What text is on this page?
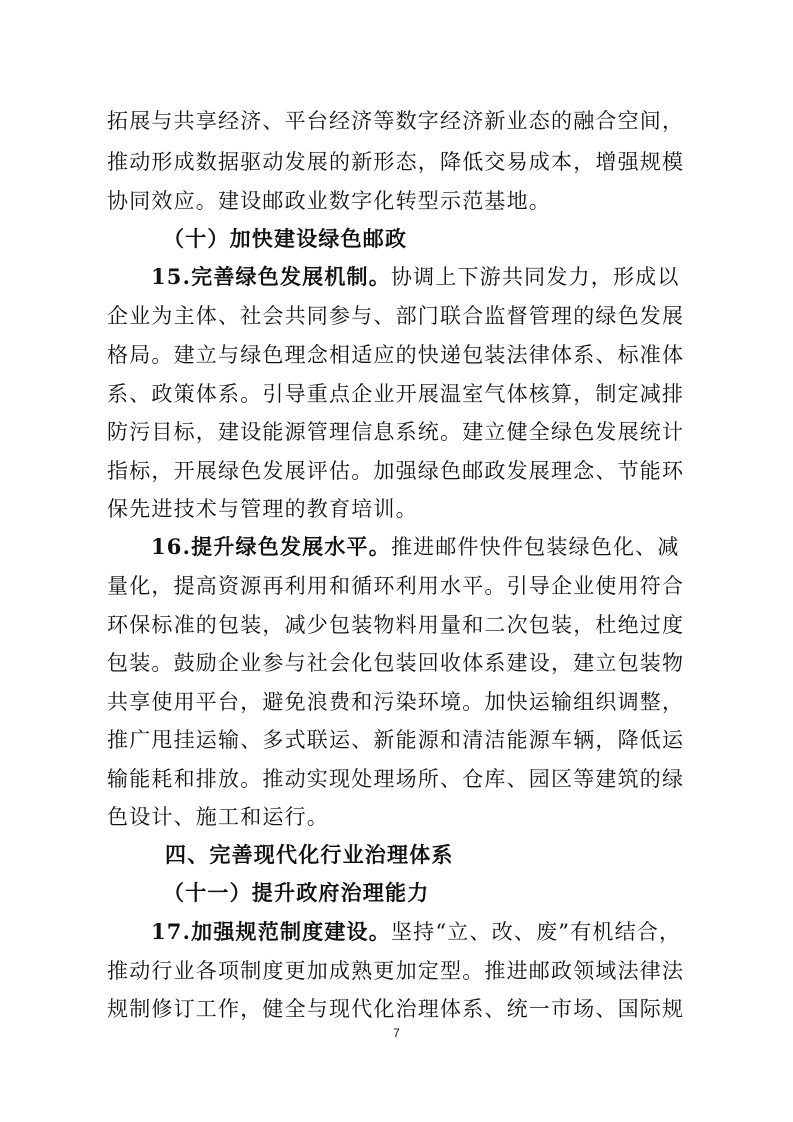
拓展与共享经济、平台经济等数字经济新业态的融合空间，
推动形成数据驱动发展的新形态，降低交易成本，增强规模
协同效应。建设邮政业数字化转型示范基地。
（十）加快建设绿色邮政
15.完善绿色发展机制。协调上下游共同发力，形成以
企业为主体、社会共同参与、部门联合监督管理的绿色发展
格局。建立与绿色理念相适应的快递包装法律体系、标准体
系、政策体系。引导重点企业开展温室气体核算，制定减排
防污目标，建设能源管理信息系统。建立健全绿色发展统计
指标，开展绿色发展评估。加强绿色邮政发展理念、节能环
保先进技术与管理的教育培训。
16.提升绿色发展水平。推进邮件快件包装绿色化、减
量化，提高资源再利用和循环利用水平。引导企业使用符合
环保标准的包装，减少包装物料用量和二次包装，杜绝过度
包装。鼓励企业参与社会化包装回收体系建设，建立包装物
共享使用平台，避免浪费和污染环境。加快运输组织调整，
推广甩挂运输、多式联运、新能源和清洁能源车辆，降低运
输能耗和排放。推动实现处理场所、仓库、园区等建筑的绿
色设计、施工和运行。
四、完善现代化行业治理体系
（十一）提升政府治理能力
17.加强规范制度建设。坚持“立、改、废”有机结合，
推动行业各项制度更加成熟更加定型。推进邮政领域法律法
规制修订工作，健全与现代化治理体系、统一市场、国际规
7
